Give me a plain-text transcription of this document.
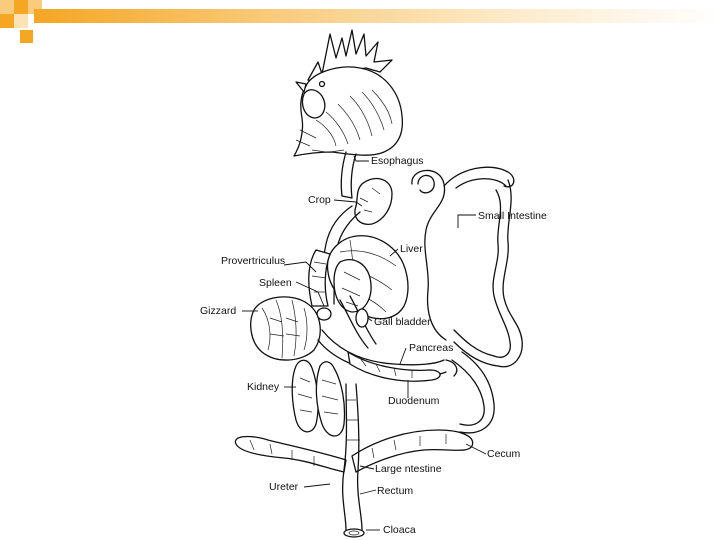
Esophagus
Crop
Small Intestine
Liver
Provertriculus
Spleen
Gizzard
Gall bladder
Pancreas
Kidney
Duodenum
Cecum
Large ntestine
Ureter	Rectum
Cloaca
